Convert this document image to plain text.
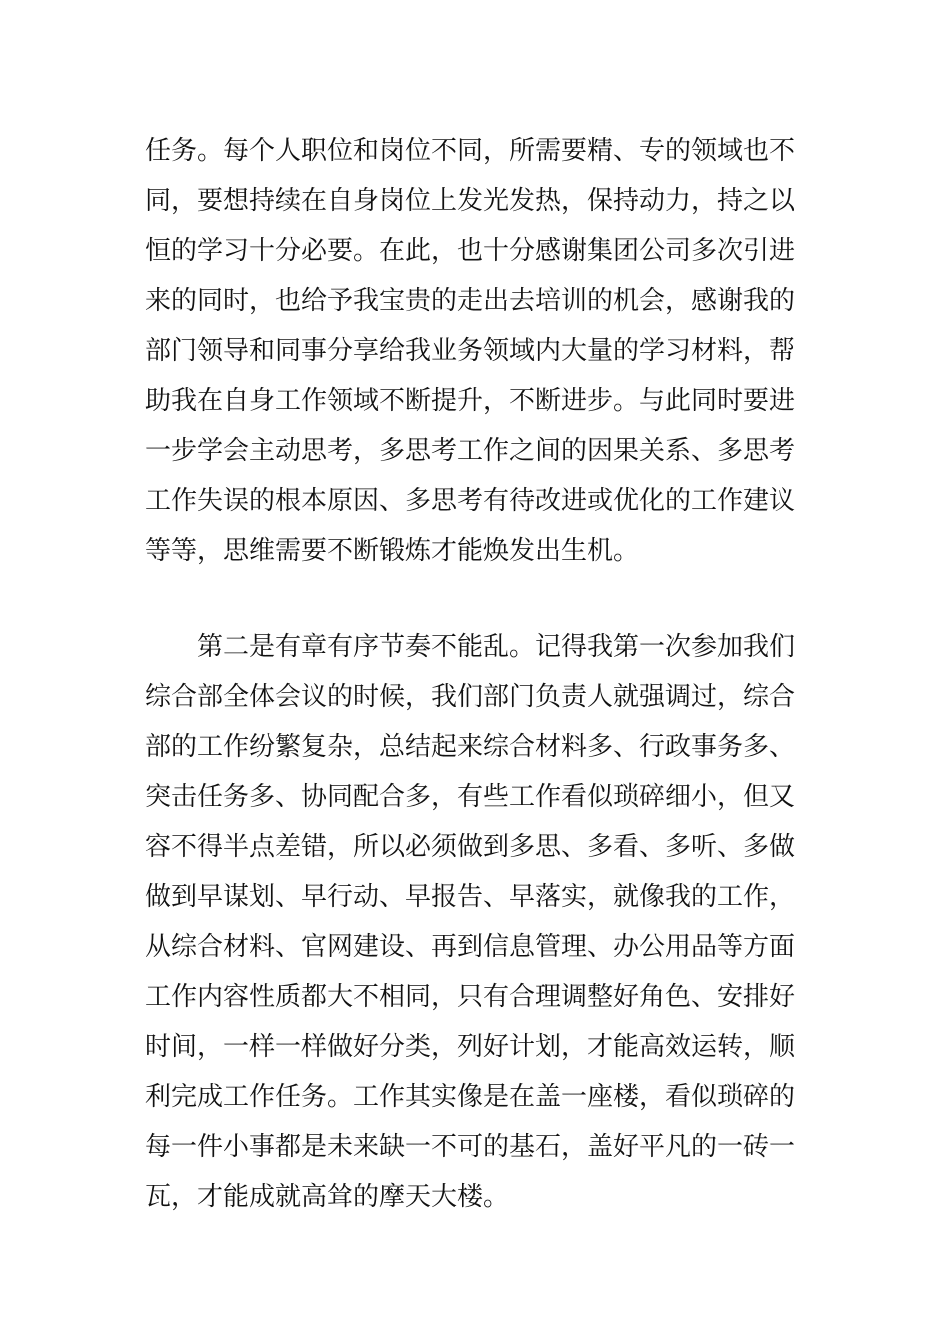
任务。每个人职位和岗位不同，所需要精、专的领域也不
同，要想持续在自身岗位上发光发热，保持动力，持之以
恒的学习十分必要。在此，也十分感谢集团公司多次引进
来的同时，也给予我宝贵的走出去培训的机会，感谢我的
部门领导和同事分享给我业务领域内大量的学习材料，帮
助我在自身工作领域不断提升，不断进步。与此同时要进
一步学会主动思考，多思考工作之间的因果关系、多思考
工作失误的根本原因、多思考有待改进或优化的工作建议
等等，思维需要不断锻炼才能焕发出生机。
第二是有章有序节奏不能乱。记得我第一次参加我们
综合部全体会议的时候，我们部门负责人就强调过，综合
部的工作纷繁复杂，总结起来综合材料多、行政事务多、
突击任务多、协同配合多，有些工作看似琐碎细小，但又
容不得半点差错，所以必须做到多思、多看、多听、多做
做到早谋划、早行动、早报告、早落实，就像我的工作，
从综合材料、官网建设、再到信息管理、办公用品等方面
工作内容性质都大不相同，只有合理调整好角色、安排好
时间，一样一样做好分类，列好计划，才能高效运转，顺
利完成工作任务。工作其实像是在盖一座楼，看似琐碎的
每一件小事都是未来缺一不可的基石，盖好平凡的一砖一
瓦，才能成就高耸的摩天大楼。
